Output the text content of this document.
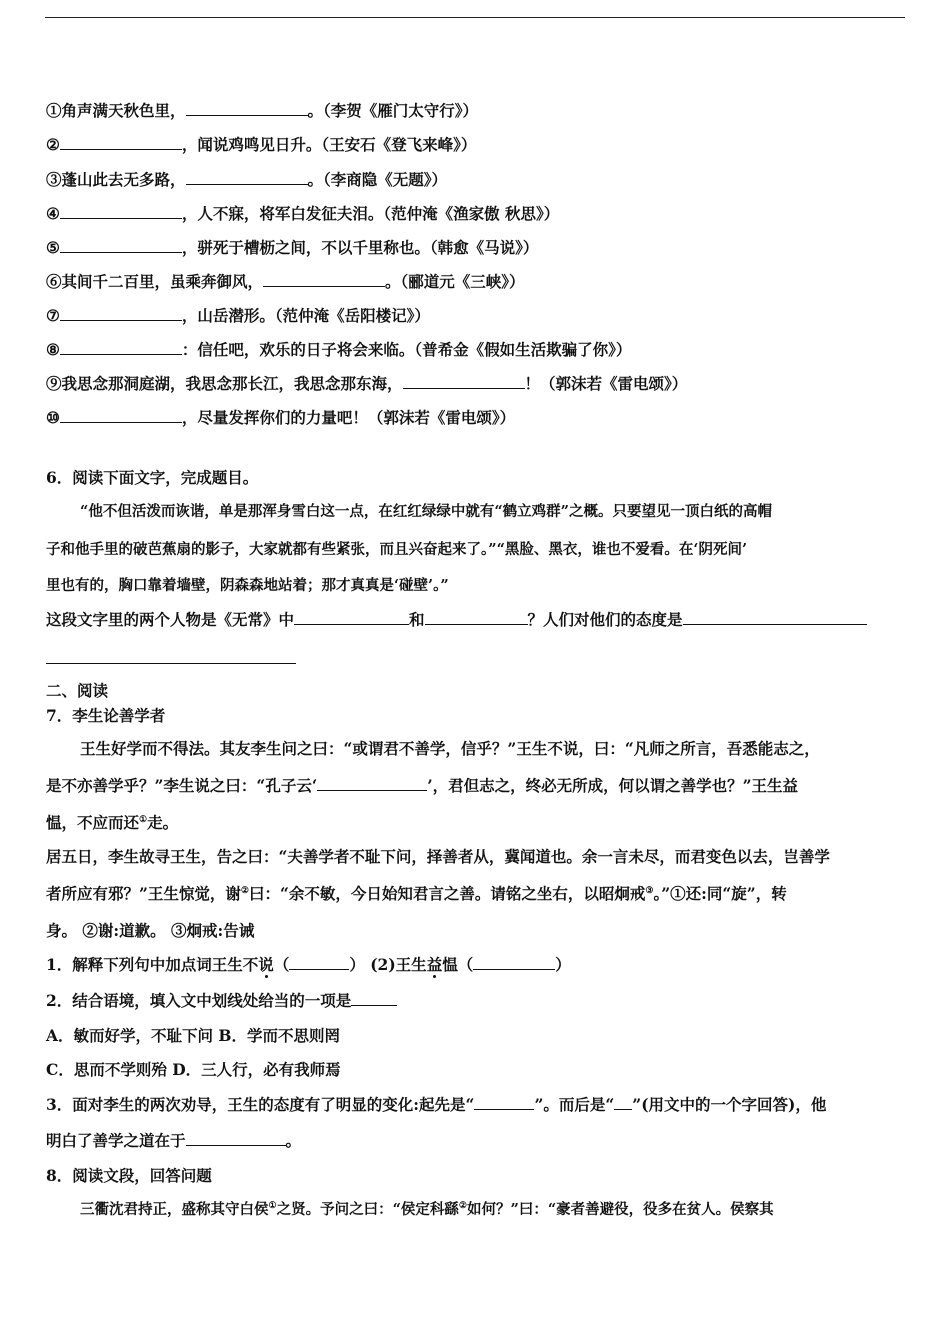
①角声满天秋色里，	。（李贺《雁门太守行》）
②	，闻说鸡鸣见日升。（王安石《登飞来峰》）
③蓬山此去无多路，	。（李商隐《无题》）
④	，人不寐，将军白发征夫泪。（范仲淹《渔家傲 秋思》）
⑤	，骈死于槽枥之间，不以千里称也。（韩愈《马说》）
⑥其间千二百里，虽乘奔御风，	。（郦道元《三峡》）
⑦	，山岳潜形。（范仲淹《岳阳楼记》）
⑧	：信任吧，欢乐的日子将会来临。（普希金《假如生活欺骗了你》）
⑨我思念那洞庭湖，我思念那长江，我思念那东海，	！（郭沫若《雷电颂》）
⑩	，尽量发挥你们的力量吧！（郭沫若《雷电颂》）
6．阅读下面文字，完成题目。
“他不但活泼而诙谐，单是那浑身雪白这一点，在红红绿绿中就有“鹤立鸡群”之概。只要望见一顶白纸的高帽
子和他手里的破芭蕉扇的影子，大家就都有些紧张，而且兴奋起来了。”“黑脸、黑衣，谁也不爱看。在‘阴死间’
里也有的，胸口靠着墙壁，阴森森地站着；那才真真是‘碰壁’。”
这段文字里的两个人物是《无常》中	和	？人们对他们的态度是
二、阅读
7．李生论善学者
王生好学而不得法。其友李生问之曰：“或谓君不善学，信乎？”王生不说，曰：“凡师之所言，吾悉能志之，
是不亦善学乎？”李生说之曰：“孔子云‘	’，君但志之，终必无所成，何以谓之善学也？”王生益
愠，不应而还①走。
居五日，李生故寻王生，告之曰：“夫善学者不耻下问，择善者从，冀闻道也。余一言未尽，而君变色以去，岂善学
者所应有邪？”王生惊觉，谢②曰：“余不敏，今日始知君言之善。请铭之坐右，以昭炯戒③。”①还:同“旋”，转
身。 ②谢:道歉。 ③炯戒:告诫
1．解释下列句中加点词王生不说（	） (2)王生益愠（	）
2．结合语境，填入文中划线处给当的一项是
A．敏而好学，不耻下问 B．学而不思则罔
C．思而不学则殆 D．三人行，必有我师焉
3．面对李生的两次劝导，王生的态度有了明显的变化:起先是“	”。而后是“ ”(用文中的一个字回答)，他
明白了善学之道在于	。
8．阅读文段，回答问题
三衢沈君持正，盛称其守白侯①之贤。予问之曰：“侯定科繇②如何？”曰：“豪者善避役，役多在贫人。侯察其
